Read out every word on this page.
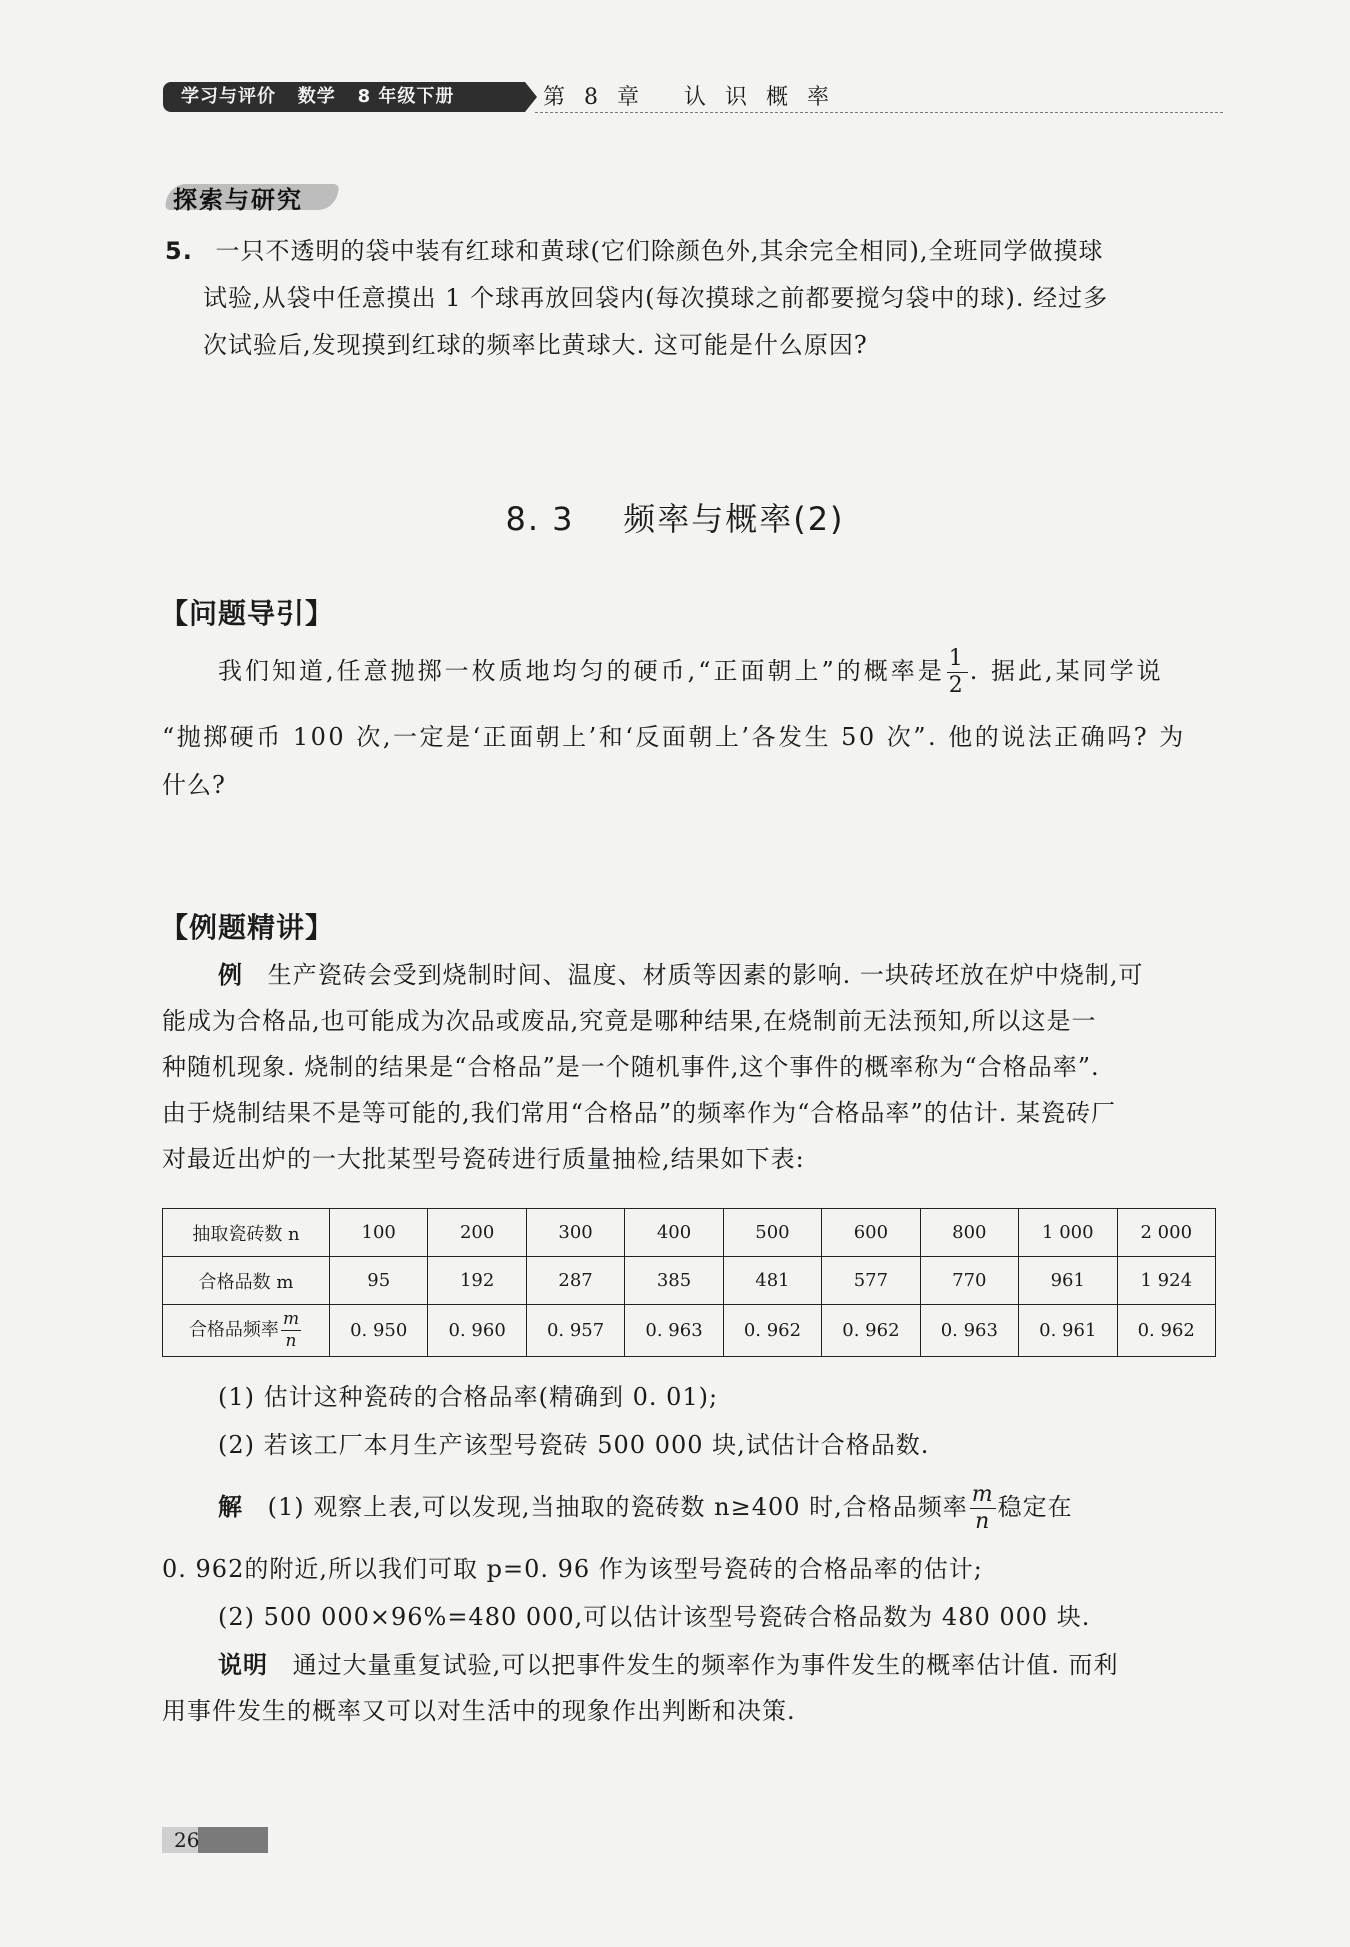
学习与评价   数学   8 年级下册	第 8 章   认 识 概 率
探索与研究
5. 一只不透明的袋中装有红球和黄球(它们除颜色外,其余完全相同),全班同学做摸球
试验,从袋中任意摸出 1 个球再放回袋内(每次摸球之前都要搅匀袋中的球). 经过多
次试验后,发现摸到红球的频率比黄球大. 这可能是什么原因?
8. 3    频率与概率(2)
【问题导引】
我们知道,任意抛掷一枚质地均匀的硬币,“正面朝上”的概率是 $\frac{1}{2}$ . 据此,某同学说
“抛掷硬币 100 次,一定是‘正面朝上’和‘反面朝上’各发生 50 次”. 他的说法正确吗? 为
什么?
【例题精讲】
例 生产瓷砖会受到烧制时间、温度、材质等因素的影响. 一块砖坯放在炉中烧制,可
能成为合格品,也可能成为次品或废品,究竟是哪种结果,在烧制前无法预知,所以这是一
种随机现象. 烧制的结果是“合格品”是一个随机事件,这个事件的概率称为“合格品率”.
由于烧制结果不是等可能的,我们常用“合格品”的频率作为“合格品率”的估计. 某瓷砖厂
对最近出炉的一大批某型号瓷砖进行质量抽检,结果如下表:
抽取瓷砖数 n	100	200	300	400	500	600	800	1 000	2 000
合格品数 m	95	192	287	385	481	577	770	961	1 924
合格品频率 $\frac{m}{n}$	0. 950	0. 960	0. 957	0. 963	0. 962	0. 962	0. 963	0. 961	0. 962
(1) 估计这种瓷砖的合格品率(精确到 0. 01);
(2) 若该工厂本月生产该型号瓷砖 500 000 块,试估计合格品数.
解 (1) 观察上表,可以发现,当抽取的瓷砖数 n≥400 时,合格品频率 $\frac{m}{n}$ 稳定在
0. 962的附近,所以我们可取 p=0. 96 作为该型号瓷砖的合格品率的估计;
(2) 500 000×96%=480 000,可以估计该型号瓷砖合格品数为 480 000 块.
说明 通过大量重复试验,可以把事件发生的频率作为事件发生的概率估计值. 而利
用事件发生的概率又可以对生活中的现象作出判断和决策.
26
